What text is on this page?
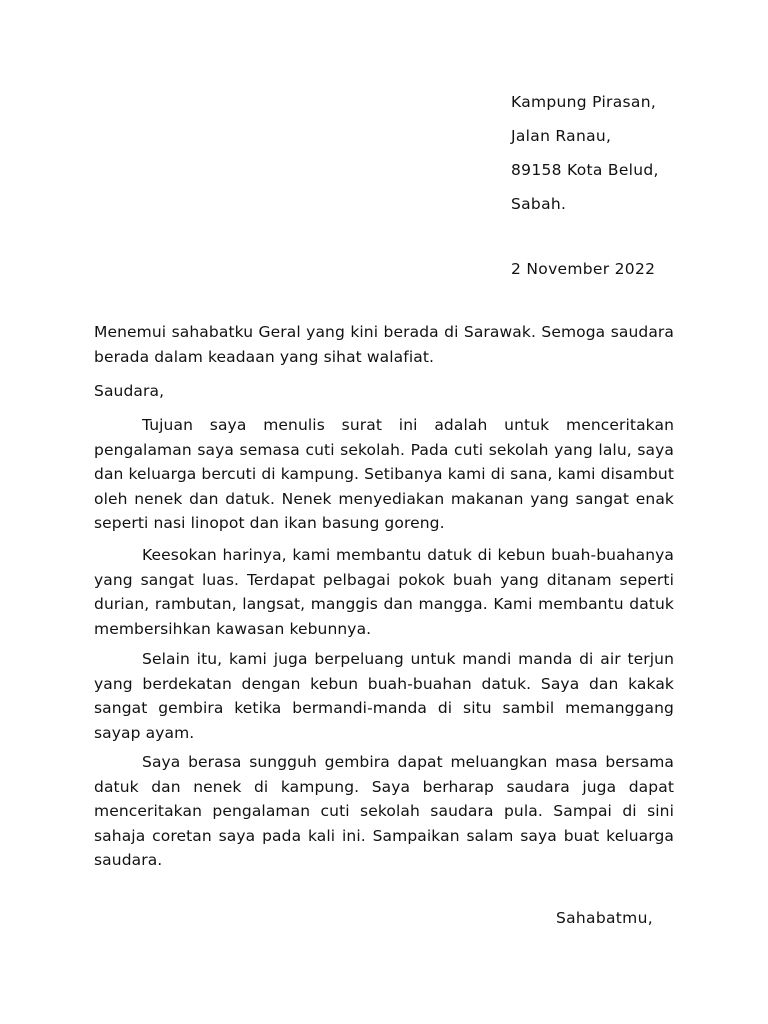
Kampung Pirasan,
Jalan Ranau,
89158 Kota Belud,
Sabah.
2 November 2022
Menemui sahabatku Geral yang kini berada di Sarawak. Semoga saudara berada dalam keadaan yang sihat walafiat.
Saudara,
Tujuan saya menulis surat ini adalah untuk menceritakan pengalaman saya semasa cuti sekolah. Pada cuti sekolah yang lalu, saya dan keluarga bercuti di kampung. Setibanya kami di sana, kami disambut oleh nenek dan datuk. Nenek menyediakan makanan yang sangat enak seperti nasi linopot dan ikan basung goreng.
Keesokan harinya, kami membantu datuk di kebun buah-buahanya yang sangat luas. Terdapat pelbagai pokok buah yang ditanam seperti durian, rambutan, langsat, manggis dan mangga. Kami membantu datuk membersihkan kawasan kebunnya.
Selain itu, kami juga berpeluang untuk mandi manda di air terjun yang berdekatan dengan kebun buah-buahan datuk. Saya dan kakak sangat gembira ketika bermandi-manda di situ sambil memanggang sayap ayam.
Saya berasa sungguh gembira dapat meluangkan masa bersama datuk dan nenek di kampung. Saya berharap saudara juga dapat menceritakan pengalaman cuti sekolah saudara pula. Sampai di sini sahaja coretan saya pada kali ini. Sampaikan salam saya buat keluarga saudara.
Sahabatmu,
